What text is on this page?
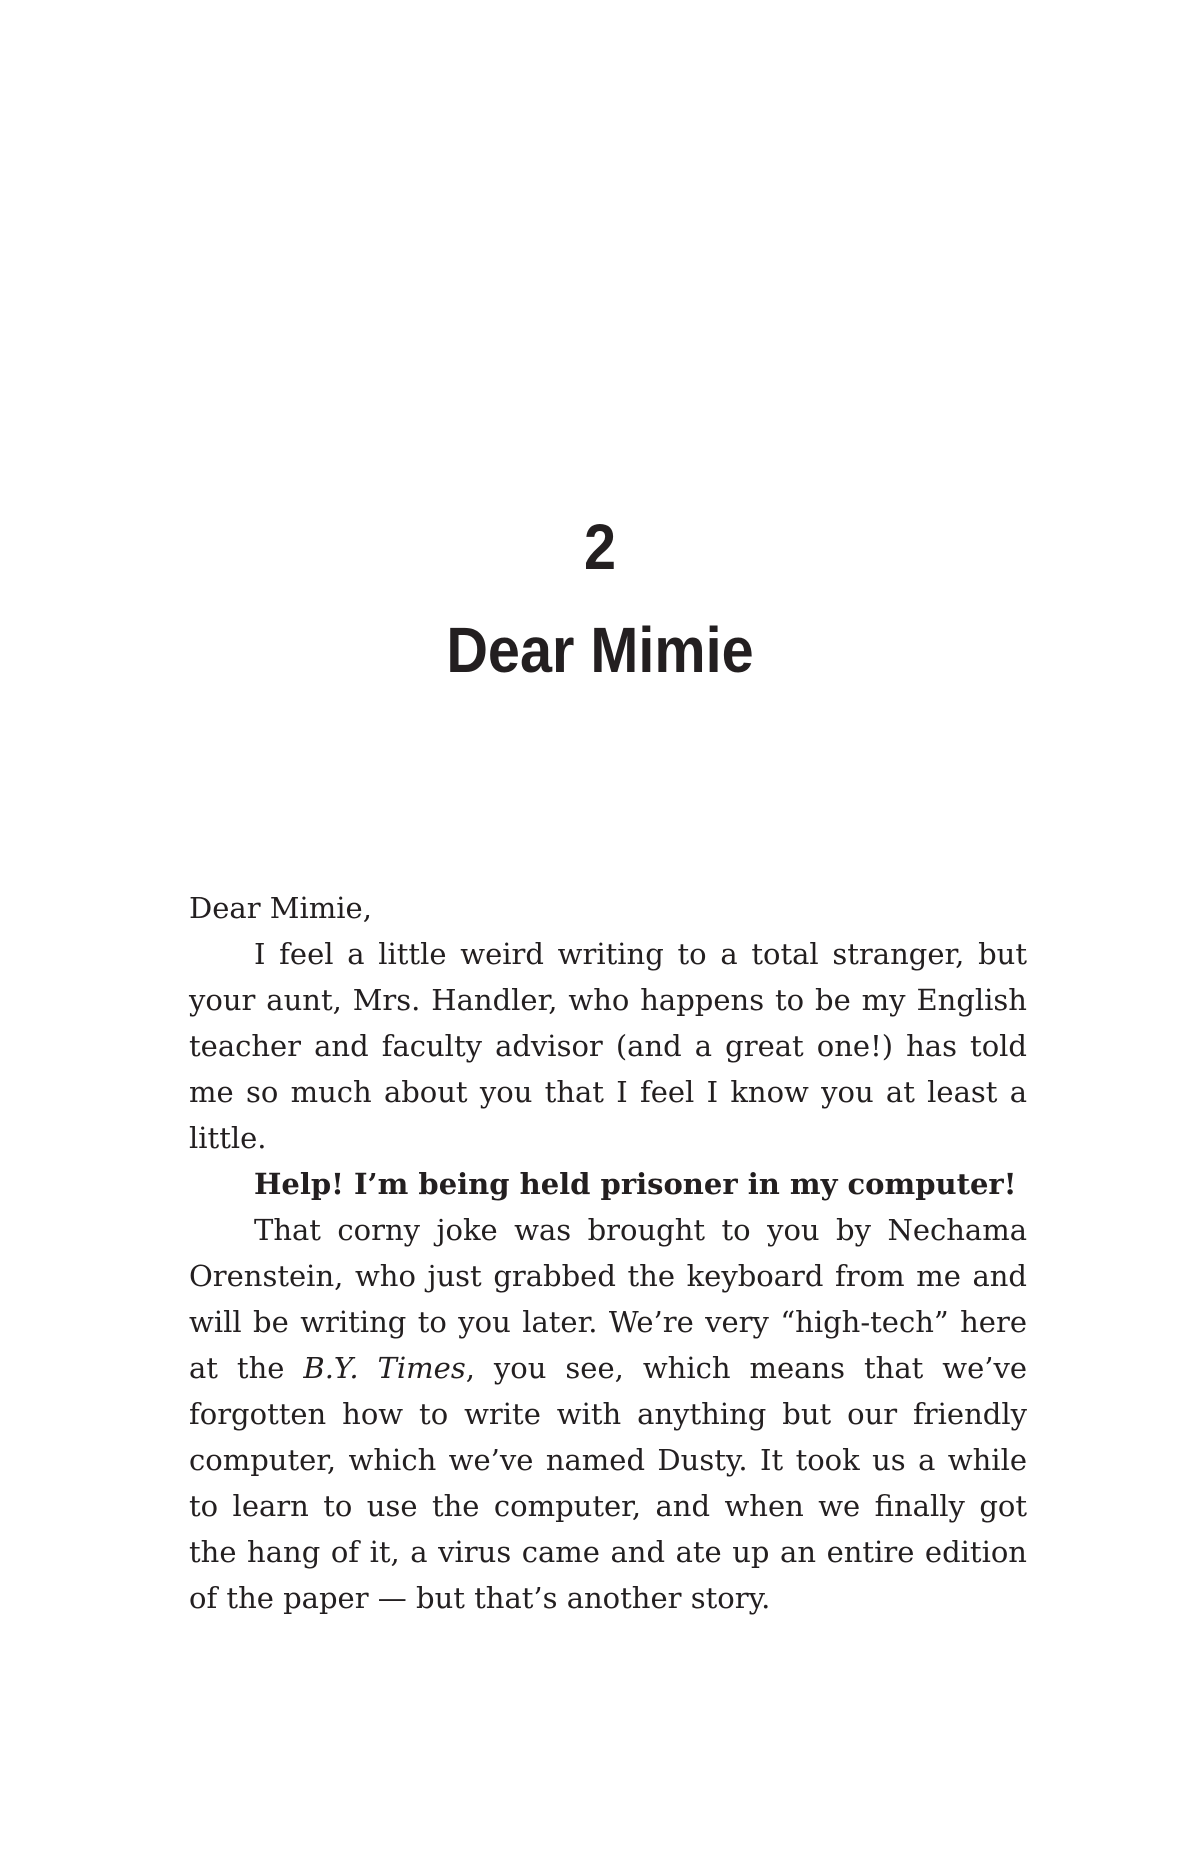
2
Dear Mimie

Dear Mimie,

I feel a little weird writing to a total stranger, but your aunt, Mrs. Handler, who happens to be my English teacher and faculty advisor (and a great one!) has told me so much about you that I feel I know you at least a little.

Help! I’m being held prisoner in my computer!

That corny joke was brought to you by Nechama Orenstein, who just grabbed the keyboard from me and will be writing to you later. We’re very “high-tech” here at the B.Y. Times, you see, which means that we’ve forgotten how to write with anything but our friendly computer, which we’ve named Dusty. It took us a while to learn to use the computer, and when we finally got the hang of it, a virus came and ate up an entire edition of the paper — but that’s another story.
